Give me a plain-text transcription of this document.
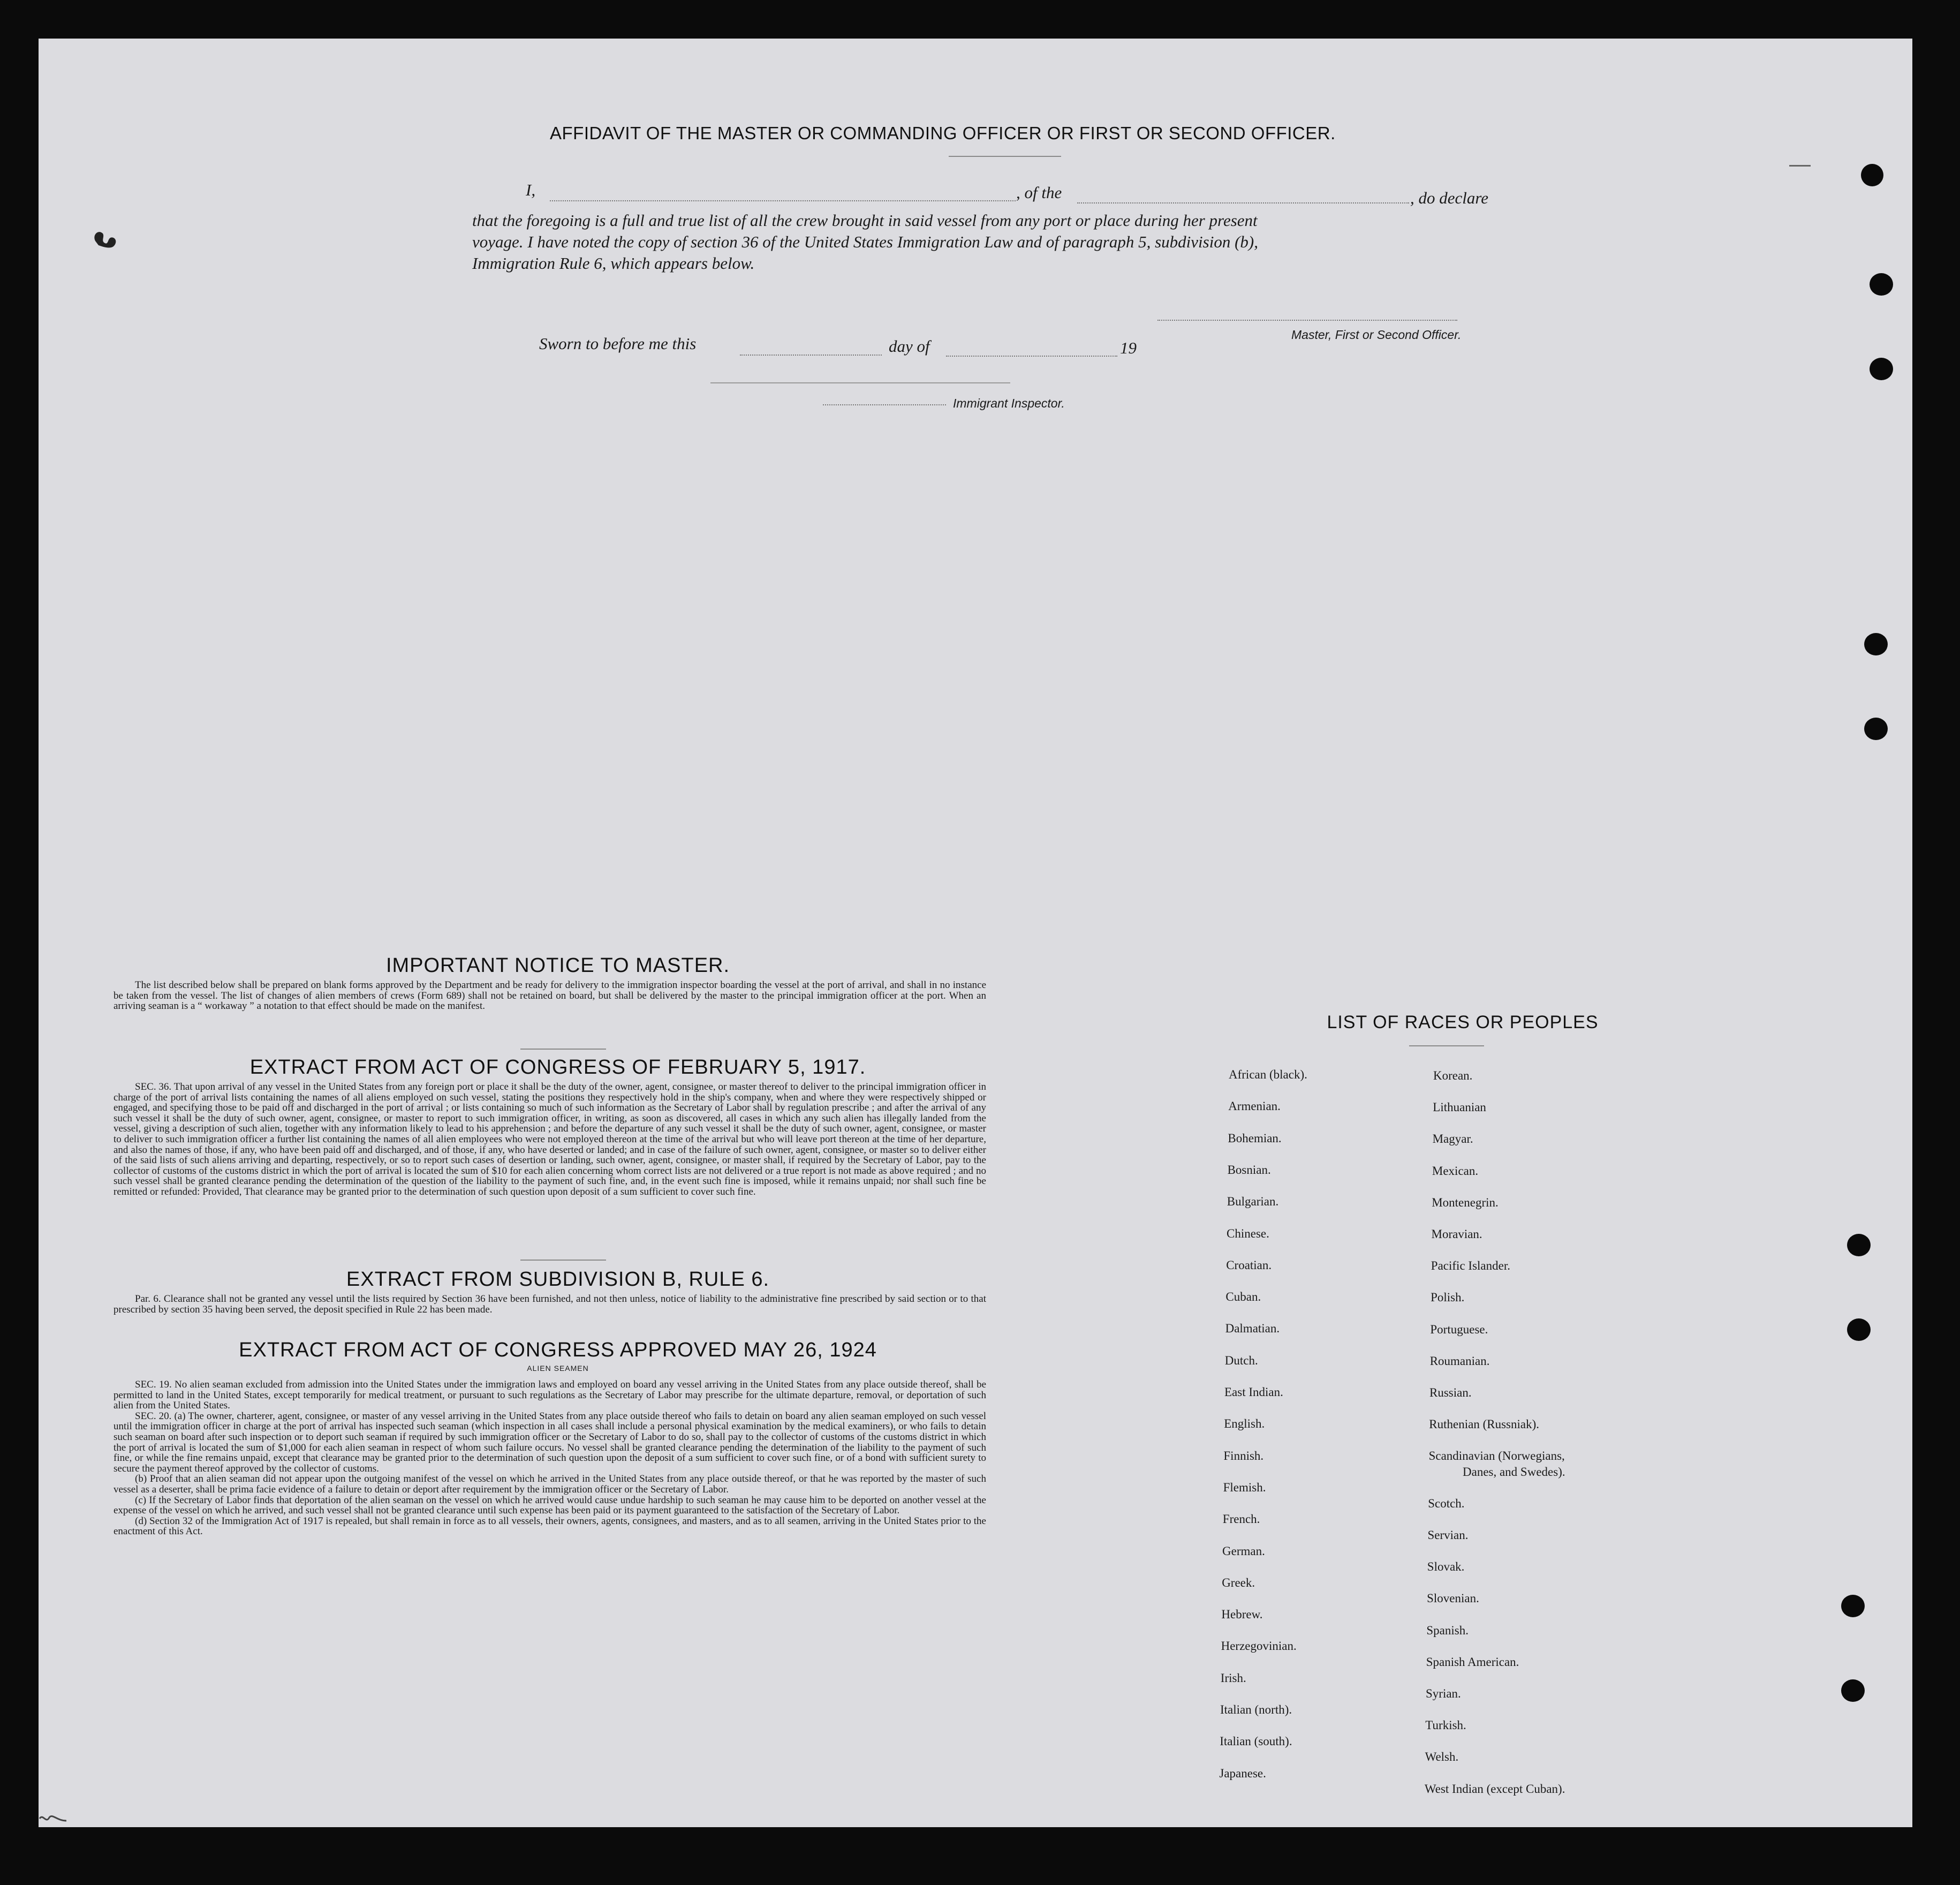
AFFIDAVIT OF THE MASTER OR COMMANDING OFFICER OR FIRST OR SECOND OFFICER.
I,	, of the	, do declare
that the foregoing is a full and true list of all the crew brought in said vessel from any port or place during her present
voyage. I have noted the copy of section 36 of the United States Immigration Law and of paragraph 5, subdivision (b),
Immigration Rule 6, which appears below.
Master, First or Second Officer.
Sworn to before me this	day of	19
Immigrant Inspector.
IMPORTANT NOTICE TO MASTER.

The list described below shall be prepared on blank forms approved by the Department and be ready for delivery to the immigration inspector boarding the vessel at the port of arrival, and shall in no instance be taken from the vessel. The list of changes of alien members of crews (Form 689) shall not be retained on board, but shall be delivered by the master to the principal immigration officer at the port. When an arriving seaman is a “ workaway ” a notation to that effect should be made on the manifest.

EXTRACT FROM ACT OF CONGRESS OF FEBRUARY 5, 1917.

SEC. 36. That upon arrival of any vessel in the United States from any foreign port or place it shall be the duty of the owner, agent, consignee, or master thereof to deliver to the principal immigration officer in charge of the port of arrival lists containing the names of all aliens employed on such vessel, stating the positions they respectively hold in the ship's company, when and where they were respectively shipped or engaged, and specifying those to be paid off and discharged in the port of arrival ; or lists containing so much of such information as the Secretary of Labor shall by regulation prescribe ; and after the arrival of any such vessel it shall be the duty of such owner, agent, consignee, or master to report to such immigration officer, in writing, as soon as discovered, all cases in which any such alien has illegally landed from the vessel, giving a description of such alien, together with any information likely to lead to his apprehension ; and before the departure of any such vessel it shall be the duty of such owner, agent, consignee, or master to deliver to such immigration officer a further list containing the names of all alien employees who were not employed thereon at the time of the arrival but who will leave port thereon at the time of her departure, and also the names of those, if any, who have been paid off and discharged, and of those, if any, who have deserted or landed; and in case of the failure of such owner, agent, consignee, or master so to deliver either of the said lists of such aliens arriving and departing, respectively, or so to report such cases of desertion or landing, such owner, agent, consignee, or master shall, if required by the Secretary of Labor, pay to the collector of customs of the customs district in which the port of arrival is located the sum of $10 for each alien concerning whom correct lists are not delivered or a true report is not made as above required ; and no such vessel shall be granted clearance pending the determination of the question of the liability to the payment of such fine, and, in the event such fine is imposed, while it remains unpaid; nor shall such fine be remitted or refunded: Provided, That clearance may be granted prior to the determination of such question upon deposit of a sum sufficient to cover such fine.

EXTRACT FROM SUBDIVISION B, RULE 6.

Par. 6. Clearance shall not be granted any vessel until the lists required by Section 36 have been furnished, and not then unless, notice of liability to the administrative fine prescribed by said section or to that prescribed by section 35 having been served, the deposit specified in Rule 22 has been made.

EXTRACT FROM ACT OF CONGRESS APPROVED MAY 26, 1924
ALIEN SEAMEN

SEC. 19. No alien seaman excluded from admission into the United States under the immigration laws and employed on board any vessel arriving in the United States from any place outside thereof, shall be permitted to land in the United States, except temporarily for medical treatment, or pursuant to such regulations as the Secretary of Labor may prescribe for the ultimate departure, removal, or deportation of such alien from the United States.

SEC. 20. (a) The owner, charterer, agent, consignee, or master of any vessel arriving in the United States from any place outside thereof who fails to detain on board any alien seaman employed on such vessel until the immigration officer in charge at the port of arrival has inspected such seaman (which inspection in all cases shall include a personal physical examination by the medical examiners), or who fails to detain such seaman on board after such inspection or to deport such seaman if required by such immigration officer or the Secretary of Labor to do so, shall pay to the collector of customs of the customs district in which the port of arrival is located the sum of $1,000 for each alien seaman in respect of whom such failure occurs. No vessel shall be granted clearance pending the determination of the liability to the payment of such fine, or while the fine remains unpaid, except that clearance may be granted prior to the determination of such question upon the deposit of a sum sufficient to cover such fine, or of a bond with sufficient surety to secure the payment thereof approved by the collector of customs.

(b) Proof that an alien seaman did not appear upon the outgoing manifest of the vessel on which he arrived in the United States from any place outside thereof, or that he was reported by the master of such vessel as a deserter, shall be prima facie evidence of a failure to detain or deport after requirement by the immigration officer or the Secretary of Labor.

(c) If the Secretary of Labor finds that deportation of the alien seaman on the vessel on which he arrived would cause undue hardship to such seaman he may cause him to be deported on another vessel at the expense of the vessel on which he arrived, and such vessel shall not be granted clearance until such expense has been paid or its payment guaranteed to the satisfaction of the Secretary of Labor.

(d) Section 32 of the Immigration Act of 1917 is repealed, but shall remain in force as to all vessels, their owners, agents, consignees, and masters, and as to all seamen, arriving in the United States prior to the enactment of this Act.

LIST OF RACES OR PEOPLES
African (black).
Armenian.
Bohemian.
Bosnian.
Bulgarian.
Chinese.
Croatian.
Cuban.
Dalmatian.
Dutch.
East Indian.
English.
Finnish.
Flemish.
French.
German.
Greek.
Hebrew.
Herzegovinian.
Irish.
Italian (north).
Italian (south).
Japanese.
Korean.
Lithuanian
Magyar.
Mexican.
Montenegrin.
Moravian.
Pacific Islander.
Polish.
Portuguese.
Roumanian.
Russian.
Ruthenian (Russniak).
Scandinavian (Norwegians,
Danes, and Swedes).
Scotch.
Servian.
Slovak.
Slovenian.
Spanish.
Spanish American.
Syrian.
Turkish.
Welsh.
West Indian (except Cuban).
